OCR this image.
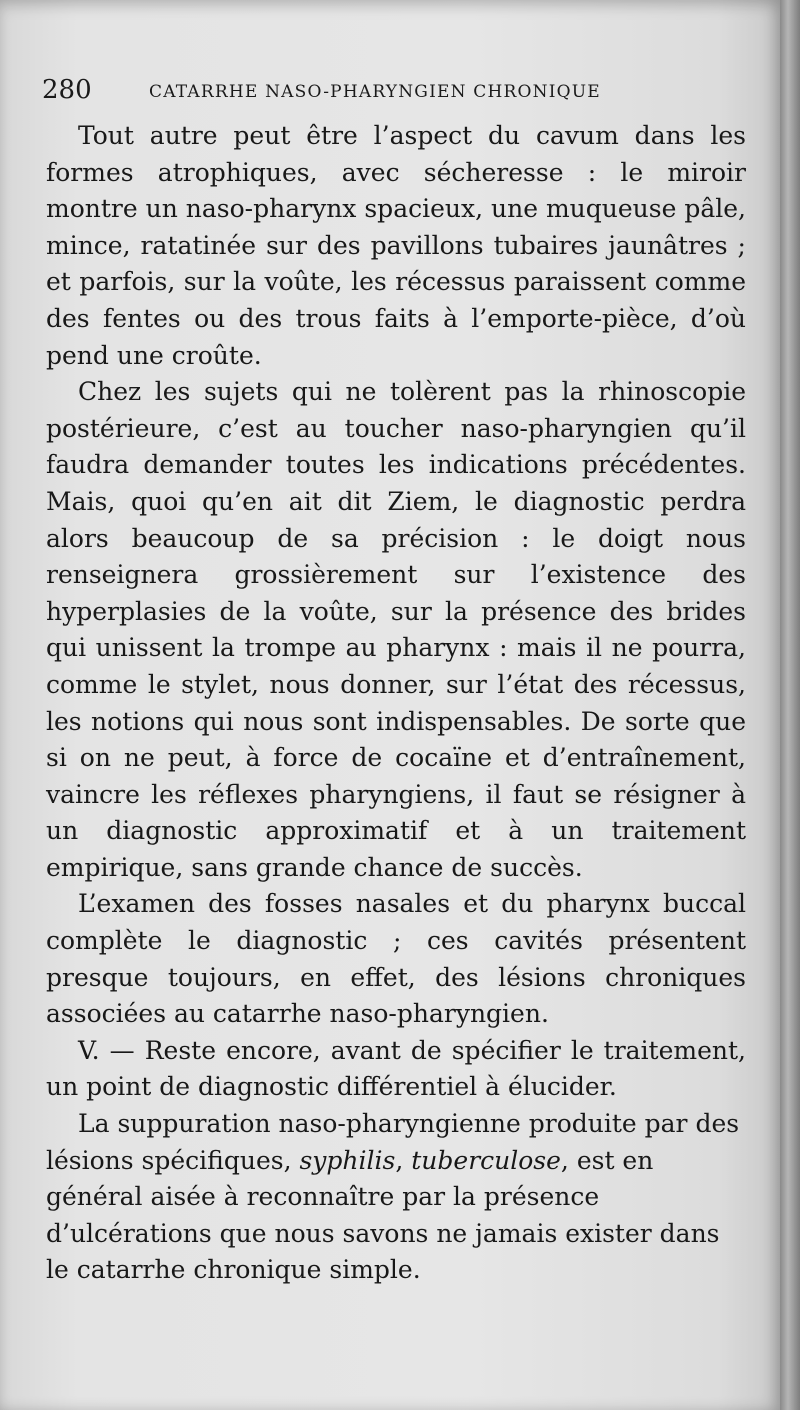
280	CATARRHE NASO-PHARYNGIEN CHRONIQUE

Tout autre peut être l’aspect du cavum dans les formes atrophiques, avec sécheresse : le miroir montre un naso-pharynx spacieux, une muqueuse pâle, mince, ratatinée sur des pavillons tubaires jaunâtres ; et parfois, sur la voûte, les récessus paraissent comme des fentes ou des trous faits à l’emporte-pièce, d’où pend une croûte.

Chez les sujets qui ne tolèrent pas la rhinoscopie postérieure, c’est au toucher naso-pharyngien qu’il faudra demander toutes les indications précédentes. Mais, quoi qu’en ait dit Ziem, le diagnostic perdra alors beaucoup de sa précision : le doigt nous renseignera grossièrement sur l’existence des hyperplasies de la voûte, sur la présence des brides qui unissent la trompe au pharynx : mais il ne pourra, comme le stylet, nous donner, sur l’état des récessus, les notions qui nous sont indispensables. De sorte que si on ne peut, à force de cocaïne et d’entraînement, vaincre les réflexes pharyngiens, il faut se résigner à un diagnostic approximatif et à un traitement empirique, sans grande chance de succès.

L’examen des fosses nasales et du pharynx buccal complète le diagnostic ; ces cavités présentent presque toujours, en effet, des lésions chroniques associées au catarrhe naso-pharyngien.

V. — Reste encore, avant de spécifier le traitement, un point de diagnostic différentiel à élucider.

La suppuration naso-pharyngienne produite par des lésions spécifiques, syphilis, tuberculose, est en général aisée à reconnaître par la présence d’ulcérations que nous savons ne jamais exister dans le catarrhe chronique simple.
